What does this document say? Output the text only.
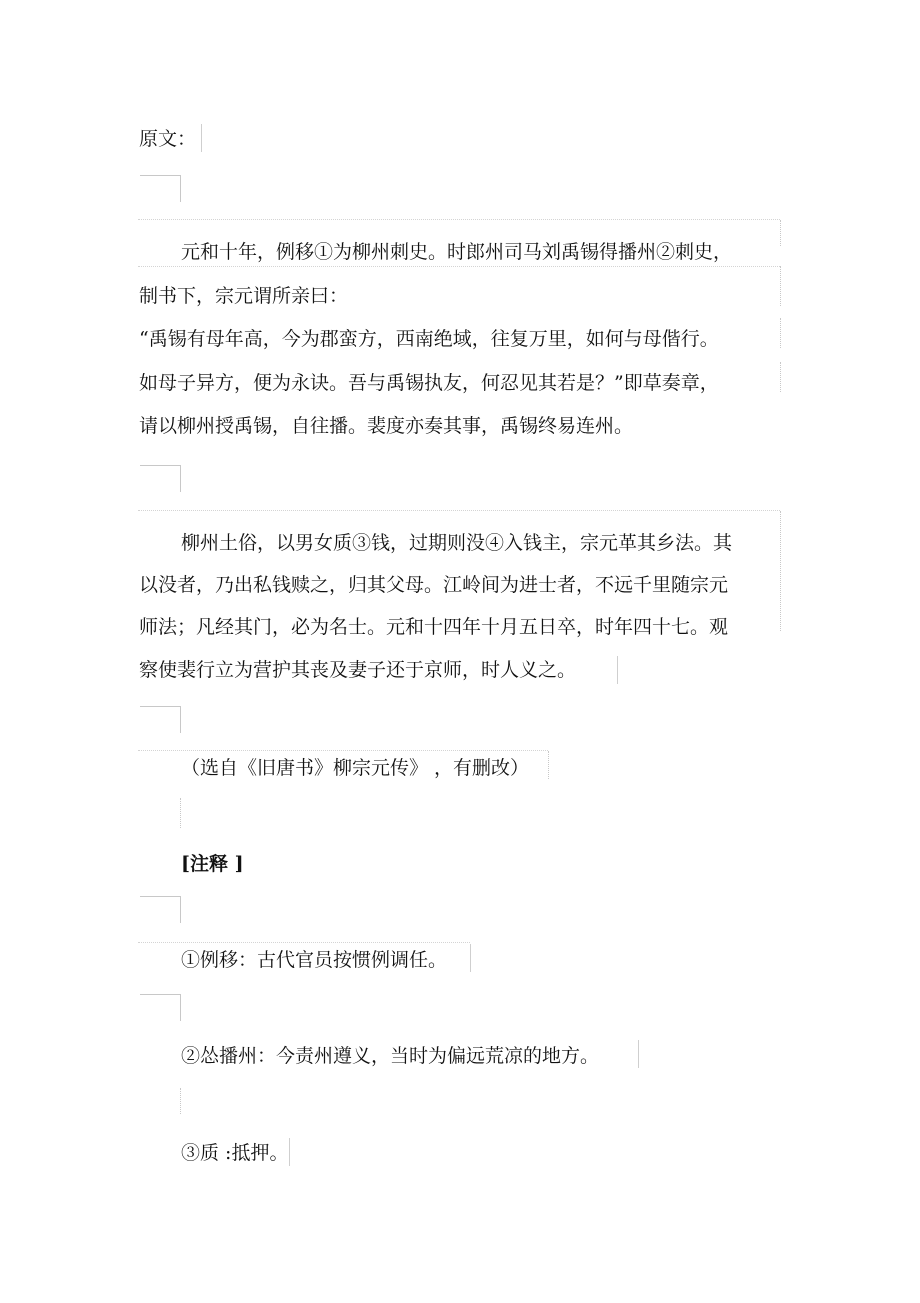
原文：

元和十年，例移①为柳州刺史。时郎州司马刘禹锡得播州②刺史，

制书下，宗元谓所亲曰：

“禹锡有母年高，今为郡蛮方，西南绝域，往复万里，如何与母偕行。

如母子异方，便为永诀。吾与禹锡执友，何忍见其若是？”即草奏章，

请以柳州授禹锡，自往播。裴度亦奏其事，禹锡终易连州。

柳州土俗，以男女质③钱，过期则没④入钱主，宗元革其乡法。其

以没者，乃出私钱赎之，归其父母。江岭间为进士者，不远千里随宗元

师法；凡经其门，必为名士。元和十四年十月五日卒，时年四十七。观

察使裴行立为营护其丧及妻子还于京师，时人义之。

（选自《旧唐书》柳宗元传》 ，有删改）

[注释 ]

①例移：古代官员按惯例调任。

②怂播州：今责州遵义，当时为偏远荒凉的地方。

③质 :抵押。
